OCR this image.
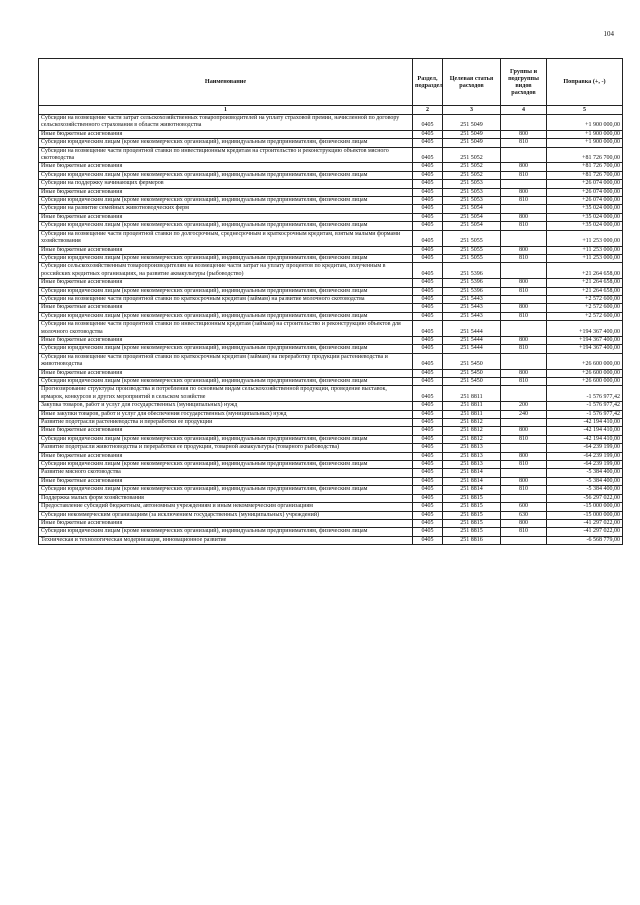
104
Наименование	Раздел, подраздел	Целевая статья расходов	Группы и подгруппы видов расходов	Поправка (+, -)
1	2	3	4	5
Субсидии на возмещение части затрат сельскохозяйственных товаропроизводителей на уплату страховой премии, начисленной по договору сельскохозяйственного страхования в области животноводства	0405	251 5049		+1 900 000,00
Иные бюджетные ассигнования	0405	251 5049	800	+1 900 000,00
Субсидии юридическим лицам (кроме некоммерческих организаций), индивидуальным предпринимателям, физическим лицам	0405	251 5049	810	+1 900 000,00
Субсидии на возмещение части процентной ставки по инвестиционным кредитам на строительство и реконструкцию объектов мясного скотоводства	0405	251 5052		+81 726 700,00
Иные бюджетные ассигнования	0405	251 5052	800	+81 726 700,00
Субсидии юридическим лицам (кроме некоммерческих организаций), индивидуальным предпринимателям, физическим лицам	0405	251 5052	810	+81 726 700,00
Субсидии на поддержку начинающих фермеров	0405	251 5053		+26 074 000,00
Иные бюджетные ассигнования	0405	251 5053	800	+26 074 000,00
Субсидии юридическим лицам (кроме некоммерческих организаций), индивидуальным предпринимателям, физическим лицам	0405	251 5053	810	+26 074 000,00
Субсидии на развитие семейных животноводческих ферм	0405	251 5054		+35 024 000,00
Иные бюджетные ассигнования	0405	251 5054	800	+35 024 000,00
Субсидии юридическим лицам (кроме некоммерческих организаций), индивидуальным предпринимателям, физическим лицам	0405	251 5054	810	+35 024 000,00
Субсидии на возмещение части процентной ставки по долгосрочным, среднесрочным и краткосрочным кредитам, взятым малыми формами хозяйствования	0405	251 5055		+11 253 000,00
Иные бюджетные ассигнования	0405	251 5055	800	+11 253 000,00
Субсидии юридическим лицам (кроме некоммерческих организаций), индивидуальным предпринимателям, физическим лицам	0405	251 5055	810	+11 253 000,00
Субсидии сельскохозяйственным товаропроизводителям на возмещение части затрат на уплату процентов по кредитам, полученным в российских кредитных организациях, на развитие аквакультуры (рыбоводство)	0405	251 5396		+21 264 658,00
Иные бюджетные ассигнования	0405	251 5396	800	+21 264 658,00
Субсидии юридическим лицам (кроме некоммерческих организаций), индивидуальным предпринимателям, физическим лицам	0405	251 5396	810	+21 264 658,00
Субсидии на возмещение части процентной ставки по краткосрочным кредитам (займам) на развитие молочного скотоводства	0405	251 5443		+2 572 600,00
Иные бюджетные ассигнования	0405	251 5443	800	+2 572 600,00
Субсидии юридическим лицам (кроме некоммерческих организаций), индивидуальным предпринимателям, физическим лицам	0405	251 5443	810	+2 572 600,00
Субсидии на возмещение части процентной ставки по инвестиционным кредитам (займам) на строительство и реконструкцию объектов для молочного скотоводства	0405	251 5444		+194 367 400,00
Иные бюджетные ассигнования	0405	251 5444	800	+194 367 400,00
Субсидии юридическим лицам (кроме некоммерческих организаций), индивидуальным предпринимателям, физическим лицам	0405	251 5444	810	+194 367 400,00
Субсидии на возмещение части процентной ставки по краткосрочным кредитам (займам) на переработку продукции растениеводства и животноводства	0405	251 5450		+26 600 000,00
Иные бюджетные ассигнования	0405	251 5450	800	+26 600 000,00
Субсидии юридическим лицам (кроме некоммерческих организаций), индивидуальным предпринимателям, физическим лицам	0405	251 5450	810	+26 600 000,00
Прогнозирование структуры производства и потребления по основным видам сельскохозяйственной продукции, проведение выставок, ярмарок, конкурсов и других мероприятий в сельском хозяйстве	0405	251 8811		-1 576 977,42
Закупка товаров, работ и услуг для государственных (муниципальных) нужд	0405	251 8811	200	-1 576 977,42
Иные закупки товаров, работ и услуг для обеспечения государственных (муниципальных) нужд	0405	251 8811	240	-1 576 977,42
Развитие подотрасли растениеводства и переработки ее продукции	0405	251 8812		-42 194 410,00
Иные бюджетные ассигнования	0405	251 8812	800	-42 194 410,00
Субсидии юридическим лицам (кроме некоммерческих организаций), индивидуальным предпринимателям, физическим лицам	0405	251 8812	810	-42 194 410,00
Развитие подотрасли животноводства и переработки ее продукции, товарной аквакультуры (товарного рыбоводства)	0405	251 8813		-64 239 199,00
Иные бюджетные ассигнования	0405	251 8813	800	-64 239 199,00
Субсидии юридическим лицам (кроме некоммерческих организаций), индивидуальным предпринимателям, физическим лицам	0405	251 8813	810	-64 239 199,00
Развитие мясного скотоводства	0405	251 8814		-5 384 400,00
Иные бюджетные ассигнования	0405	251 8814	800	-5 384 400,00
Субсидии юридическим лицам (кроме некоммерческих организаций), индивидуальным предпринимателям, физическим лицам	0405	251 8814	810	-5 384 400,00
Поддержка малых форм хозяйствования	0405	251 8815		-56 297 022,00
Предоставление субсидий бюджетным, автономным учреждениям и иным некоммерческим организациям	0405	251 8815	600	-15 000 000,00
Субсидии некоммерческим организациям (за исключением государственных (муниципальных) учреждений)	0405	251 8815	630	-15 000 000,00
Иные бюджетные ассигнования	0405	251 8815	800	-41 297 022,00
Субсидии юридическим лицам (кроме некоммерческих организаций), индивидуальным предпринимателям, физическим лицам	0405	251 8815	810	-41 297 022,00
Техническая и технологическая модернизация, инновационное развитие	0405	251 8816		-6 568 779,00
